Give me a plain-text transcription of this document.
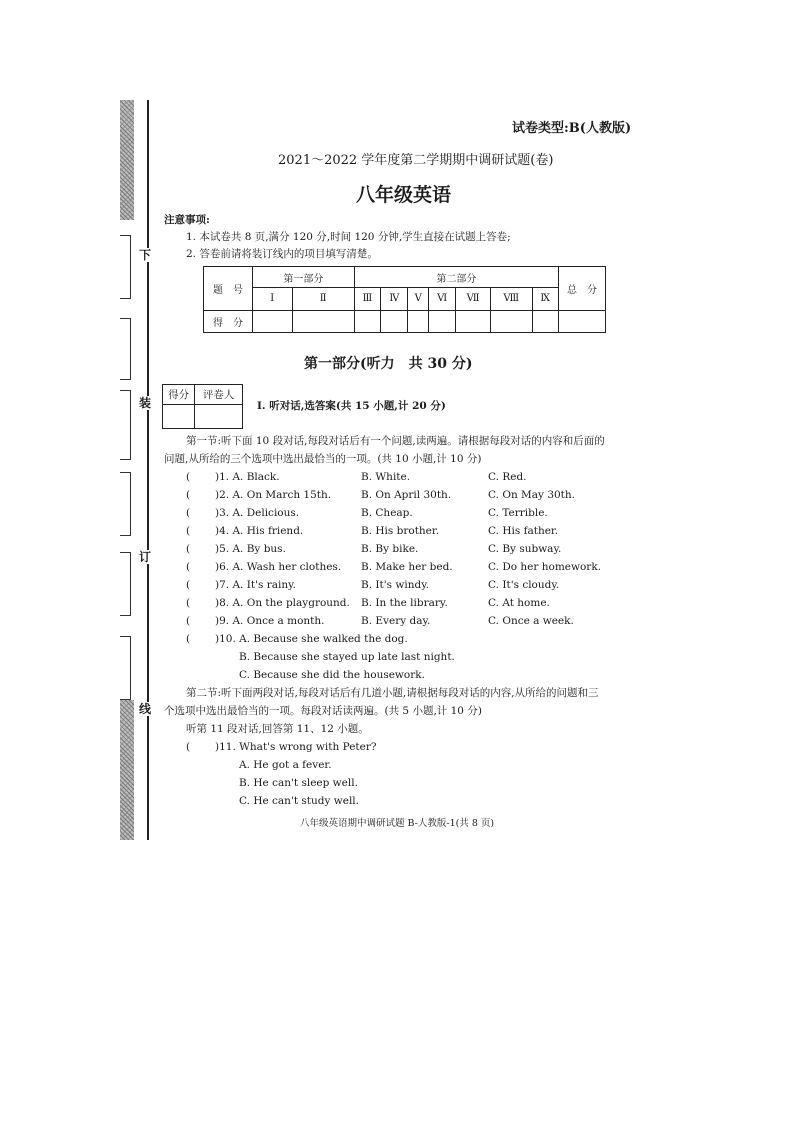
下
装
订
线
试卷类型:B(人教版)
2021～2022 学年度第二学期期中调研试题(卷)
八年级英语
注意事项:
1. 本试卷共 8 页,满分 120 分,时间 120 分钟,学生直接在试题上答卷;
2. 答卷前请将装订线内的项目填写清楚。
题　号	第一部分		第二部分							总　分
	Ⅰ	Ⅱ	Ⅲ	Ⅳ	Ⅴ	Ⅵ	Ⅶ	Ⅷ	Ⅸ	
得　分										
第一部分(听力　共 30 分)
得分	评卷人

Ⅰ. 听对话,选答案(共 15 小题,计 20 分)
第一节:听下面 10 段对话,每段对话后有一个问题,读两遍。请根据每段对话的内容和后面的
问题,从所给的三个选项中选出最恰当的一项。(共 10 小题,计 10 分)
( )1. A. Black.	B. White.	C. Red.
( )2. A. On March 15th.	B. On April 30th.	C. On May 30th.
( )3. A. Delicious.	B. Cheap.	C. Terrible.
( )4. A. His friend.	B. His brother.	C. His father.
( )5. A. By bus.	B. By bike.	C. By subway.
( )6. A. Wash her clothes. B. Make her bed.	C. Do her homework.
( )7. A. It's rainy.	B. It's windy.	C. It's cloudy.
( )8. A. On the playground. B. In the library.	C. At home.
( )9. A. Once a month.	B. Every day.	C. Once a week.
( )10. A. Because she walked the dog.
B. Because she stayed up late last night.
C. Because she did the housework.
第二节:听下面两段对话,每段对话后有几道小题,请根据每段对话的内容,从所给的问题和三
个选项中选出最恰当的一项。每段对话读两遍。(共 5 小题,计 10 分)
听第 11 段对话,回答第 11、12 小题。
( )11. What's wrong with Peter?
A. He got a fever.
B. He can't sleep well.
C. He can't study well.
八年级英语期中调研试题 B-人教版-1(共 8 页)
